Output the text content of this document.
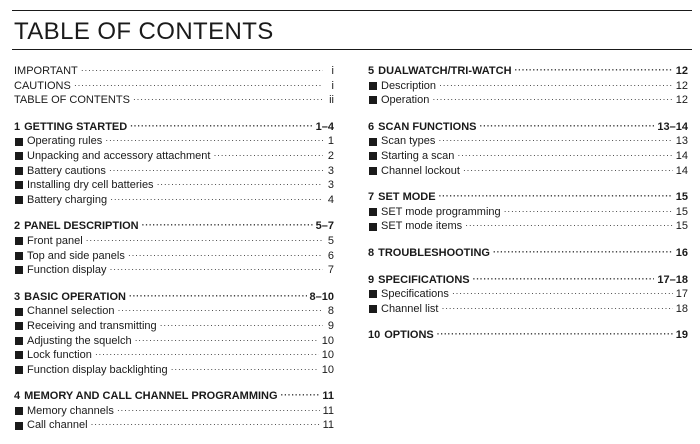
TABLE OF CONTENTS
IMPORTANT ·····	i
CAUTIONS ·····	i
TABLE OF CONTENTS ·····	ii
1 GETTING STARTED ·····	1–4
Operating rules ·····	1
Unpacking and accessory attachment ·····	2
Battery cautions ·····	3
Installing dry cell batteries ·····	3
Battery charging ·····	4
2 PANEL DESCRIPTION ·····	5–7
Front panel ·····	5
Top and side panels ·····	6
Function display ·····	7
3 BASIC OPERATION ·····	8–10
Channel selection ·····	8
Receiving and transmitting ·····	9
Adjusting the squelch ·····	10
Lock function ·····	10
Function display backlighting ·····	10
4 MEMORY AND CALL CHANNEL PROGRAMMING ·····	11
Memory channels ·····	11
Call channel ·····	11
5 DUALWATCH/TRI-WATCH ·····	12
Description ·····	12
Operation ·····	12
6 SCAN FUNCTIONS ·····	13–14
Scan types ·····	13
Starting a scan ·····	14
Channel lockout ·····	14
7 SET MODE ·····	15
SET mode programming ·····	15
SET mode items ·····	15
8 TROUBLESHOOTING ·····	16
9 SPECIFICATIONS ·····	17–18
Specifications ·····	17
Channel list ·····	18
10 OPTIONS ·····	19
